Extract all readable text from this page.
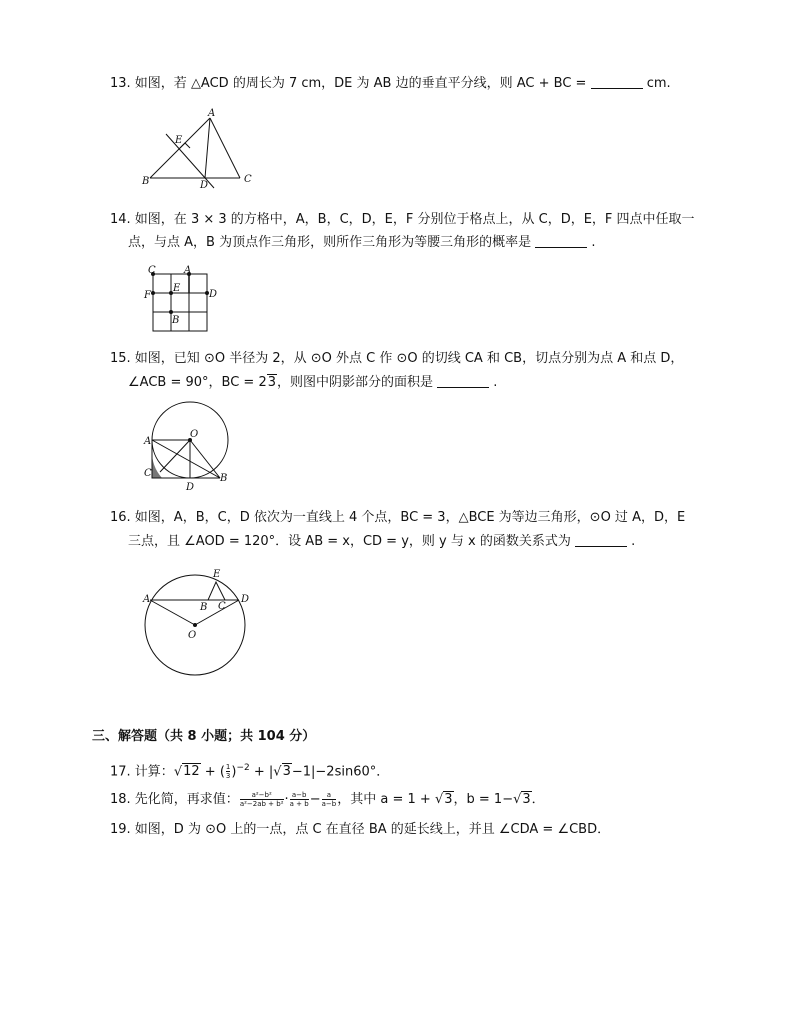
13. 如图，若 △ACD 的周长为 7 cm，DE 为 AB 边的垂直平分线，则 AC + BC =	cm.
A
B	C
D
E
14. 如图，在 3 × 3 的方格中，A，B，C，D，E，F 分别位于格点上，从 C，D，E，F 四点中任取一
点，与点 A，B 为顶点作三角形，则所作三角形为等腰三角形的概率是	.
C	A
F
E
D
B
15. 如图，已知 ⊙O 半径为 2，从 ⊙O 外点 C 作 ⊙O 的切线 CA 和 CB，切点分别为点 A 和点 D，
∠ACB = 90°，BC = 23，则图中阴影部分的面积是	.
O
A
C	B
D
16. 如图，A，B，C，D 依次为一直线上 4 个点，BC = 3，△BCE 为等边三角形，⊙O 过 A，D，E
三点，且 ∠AOD = 120°．设 AB = x，CD = y，则 y 与 x 的函数关系式为	.
A
B C
D
E
O
三、解答题（共 8 小题；共 104 分）
17. 计算：√12 + ( $\frac{1}{3} )^{-2} + |√3-1|-2\sin 60^\circ$．
18. 先化简，再求值： $\frac{\text{a²−b²}}{\text{a²−2ab + b²}} \cdot \frac{a-b}{a + b} - \frac{a}{a-b}$ ，其中 a = 1 + √3，b = 1−√3．
19. 如图，D 为 ⊙O 上的一点，点 C 在直径 BA 的延长线上，并且 ∠CDA = ∠CBD．
